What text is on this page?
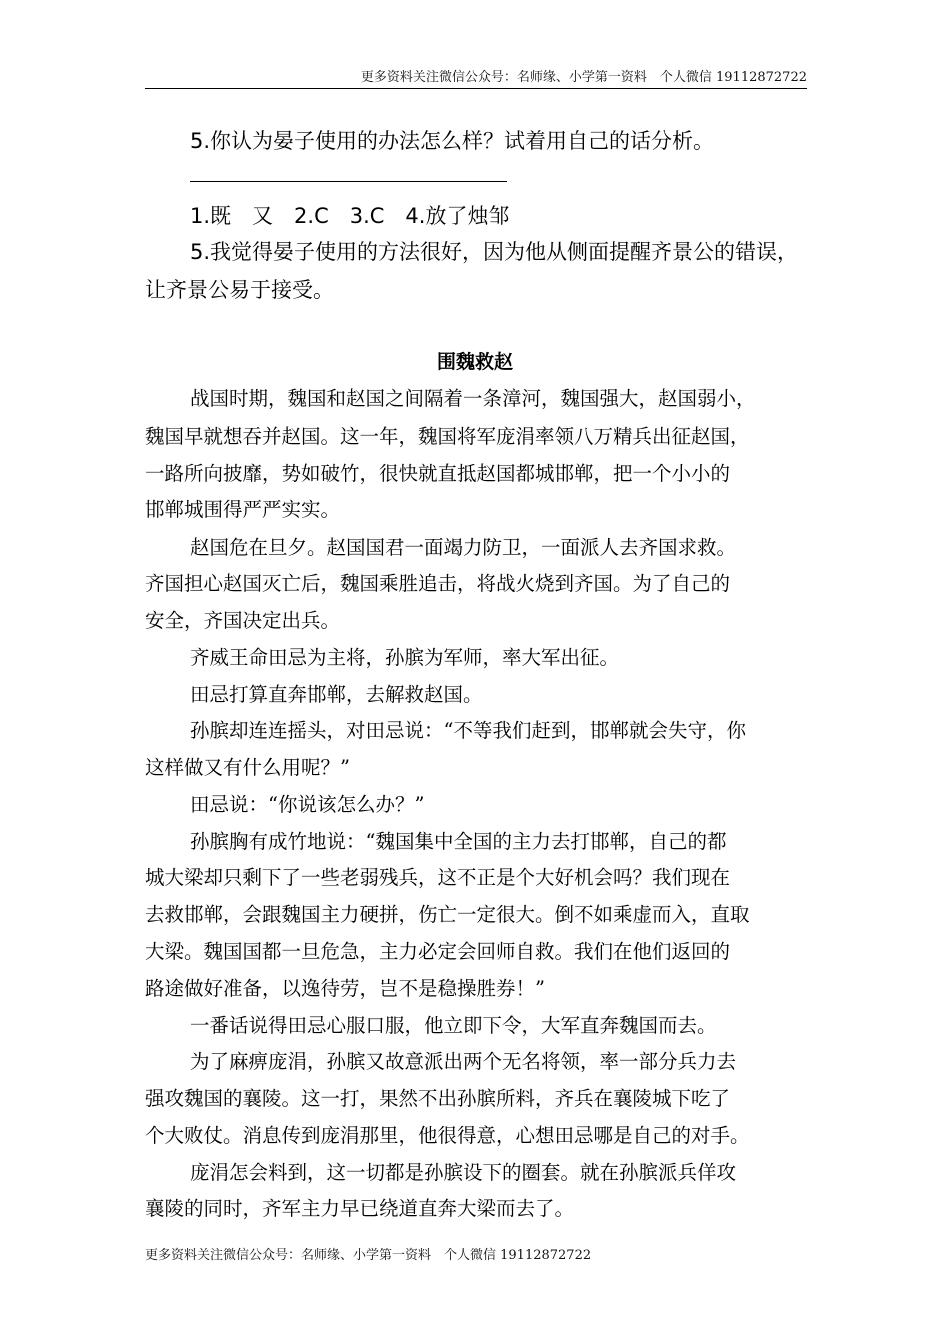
更多资料关注微信公众号：名师缘、小学第一资料　个人微信 19112872722
5.你认为晏子使用的办法怎么样？试着用自己的话分析。
1.既　又　2.C　3.C　4.放了烛邹
5.我觉得晏子使用的方法很好，因为他从侧面提醒齐景公的错误，
让齐景公易于接受。
围魏救赵
战国时期，魏国和赵国之间隔着一条漳河，魏国强大，赵国弱小，
魏国早就想吞并赵国。这一年，魏国将军庞涓率领八万精兵出征赵国，
一路所向披靡，势如破竹，很快就直抵赵国都城邯郸，把一个小小的
邯郸城围得严严实实。
赵国危在旦夕。赵国国君一面竭力防卫，一面派人去齐国求救。
齐国担心赵国灭亡后，魏国乘胜追击，将战火烧到齐国。为了自己的
安全，齐国决定出兵。
齐威王命田忌为主将，孙膑为军师，率大军出征。
田忌打算直奔邯郸，去解救赵国。
孙膑却连连摇头，对田忌说：“不等我们赶到，邯郸就会失守，你
这样做又有什么用呢？”
田忌说：“你说该怎么办？”
孙膑胸有成竹地说：“魏国集中全国的主力去打邯郸，自己的都
城大梁却只剩下了一些老弱残兵，这不正是个大好机会吗？我们现在
去救邯郸，会跟魏国主力硬拼，伤亡一定很大。倒不如乘虚而入，直取
大梁。魏国国都一旦危急，主力必定会回师自救。我们在他们返回的
路途做好准备，以逸待劳，岂不是稳操胜券！”
一番话说得田忌心服口服，他立即下令，大军直奔魏国而去。
为了麻痹庞涓，孙膑又故意派出两个无名将领，率一部分兵力去
强攻魏国的襄陵。这一打，果然不出孙膑所料，齐兵在襄陵城下吃了
个大败仗。消息传到庞涓那里，他很得意，心想田忌哪是自己的对手。
庞涓怎会料到，这一切都是孙膑设下的圈套。就在孙膑派兵佯攻
襄陵的同时，齐军主力早已绕道直奔大梁而去了。
更多资料关注微信公众号：名师缘、小学第一资料　个人微信 19112872722
